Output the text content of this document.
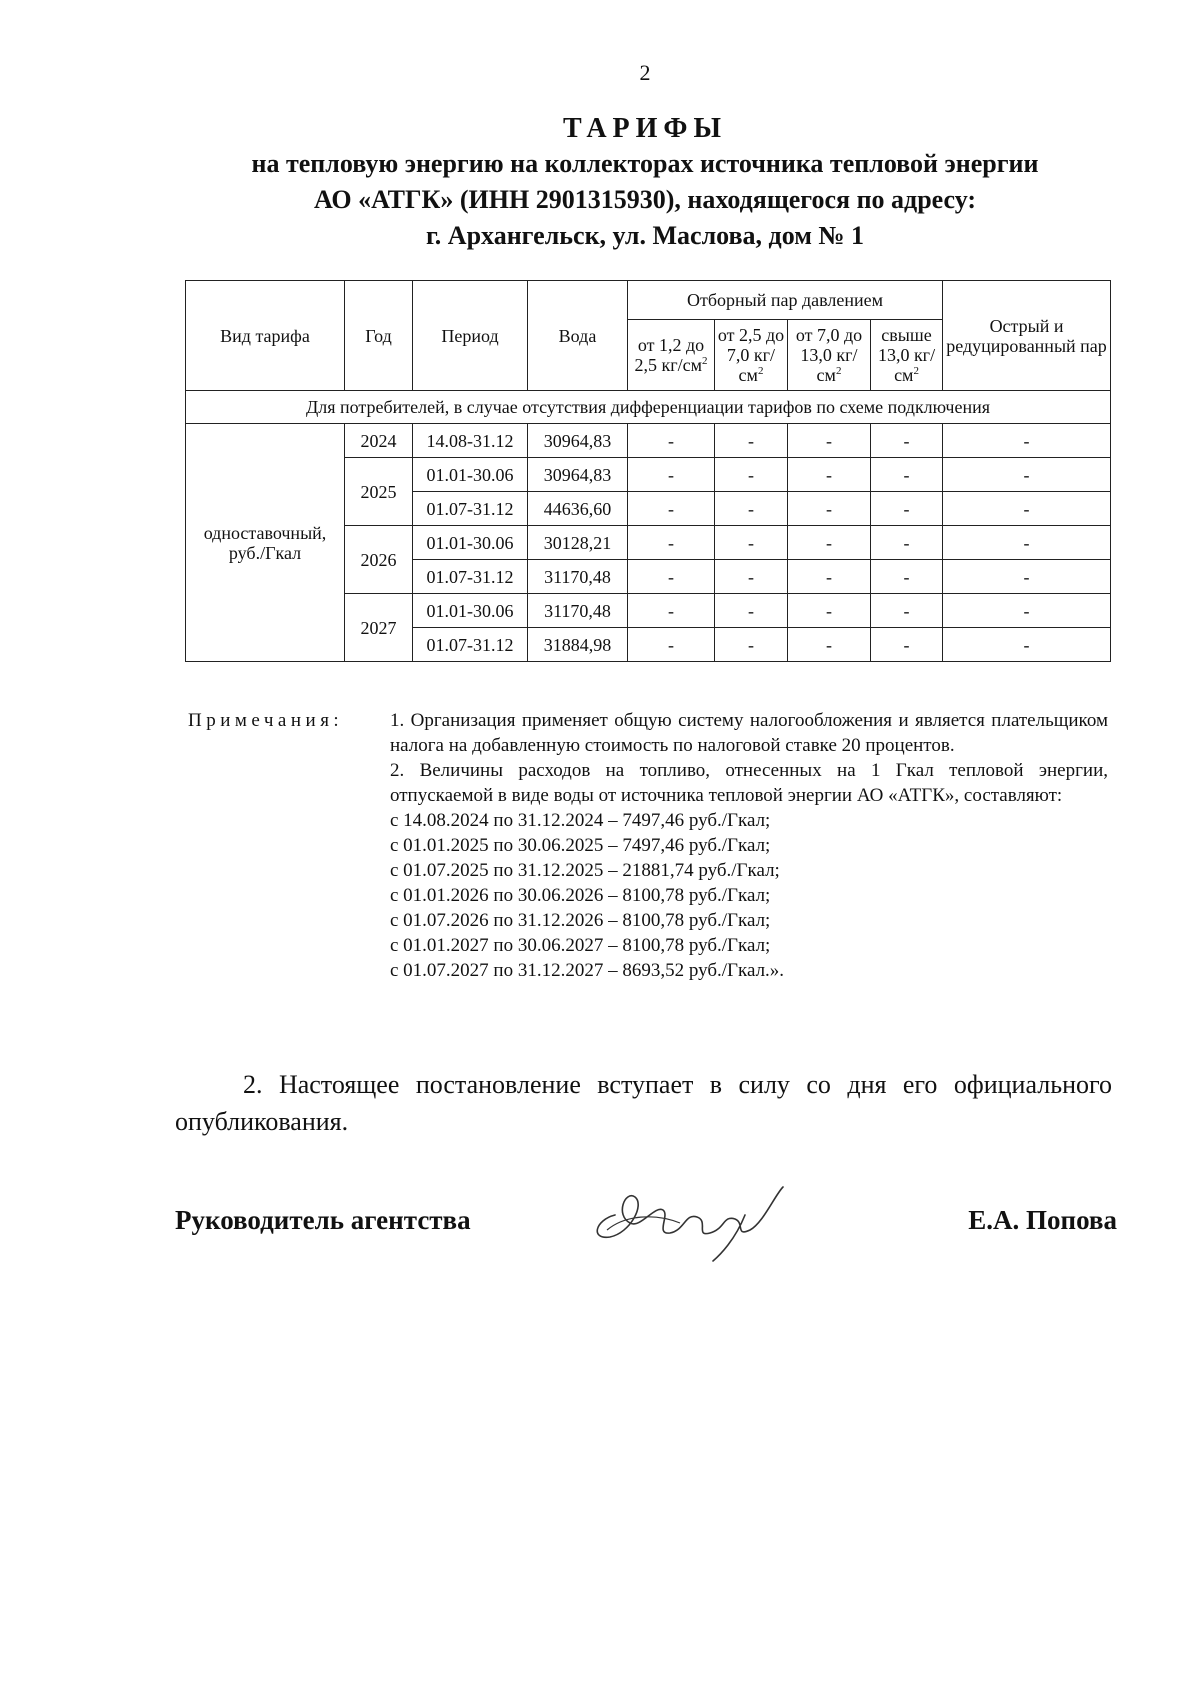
2
ТАРИФЫ
на тепловую энергию на коллекторах источника тепловой энергии
АО «АТГК» (ИНН 2901315930), находящегося по адресу:
г. Архангельск, ул. Маслова, дом № 1
Вид тарифа	Год	Период	Вода	Отборный пар давлением				Острый и редуцированный пар
				от 1,2 до 2,5 $кг/см^2$	от 2,5 до 7,0 $кг/см^2$	от 7,0 до 13,0 $кг/см^2$	свыше 13,0 $кг/см^2$
Для потребителей, в случае отсутствия дифференциации тарифов по схеме подключения								
одноставочный, руб./Гкал	2024	14.08-31.12	30964,83	-	-	-	-	-
	2025	01.01-30.06	30964,83	-	-	-	-	-
		01.07-31.12	44636,60	-	-	-	-	-
	2026	01.01-30.06	30128,21	-	-	-	-	-
		01.07-31.12	31170,48	-	-	-	-	-
	2027	01.01-30.06	31170,48	-	-	-	-	-
		01.07-31.12	31884,98	-	-	-	-	-
Примечания: 1. Организация применяет общую систему налогообложения и является плательщиком налога на добавленную стоимость по налоговой ставке 20 процентов.

2. Величины расходов на топливо, отнесенных на 1 Гкал тепловой энергии, отпускаемой в виде воды от источника тепловой энергии АО «АТГК», составляют:

с 14.08.2024 по 31.12.2024 – 7497,46 руб./Гкал;

с 01.01.2025 по 30.06.2025 – 7497,46 руб./Гкал;

с 01.07.2025 по 31.12.2025 – 21881,74 руб./Гкал;

с 01.01.2026 по 30.06.2026 – 8100,78 руб./Гкал;

с 01.07.2026 по 31.12.2026 – 8100,78 руб./Гкал;

с 01.01.2027 по 30.06.2027 – 8100,78 руб./Гкал;

с 01.07.2027 по 31.12.2027 – 8693,52 руб./Гкал.».

2. Настоящее постановление вступает в силу со дня его официального опубликования.
Руководитель агентства	Е.А. Попова
